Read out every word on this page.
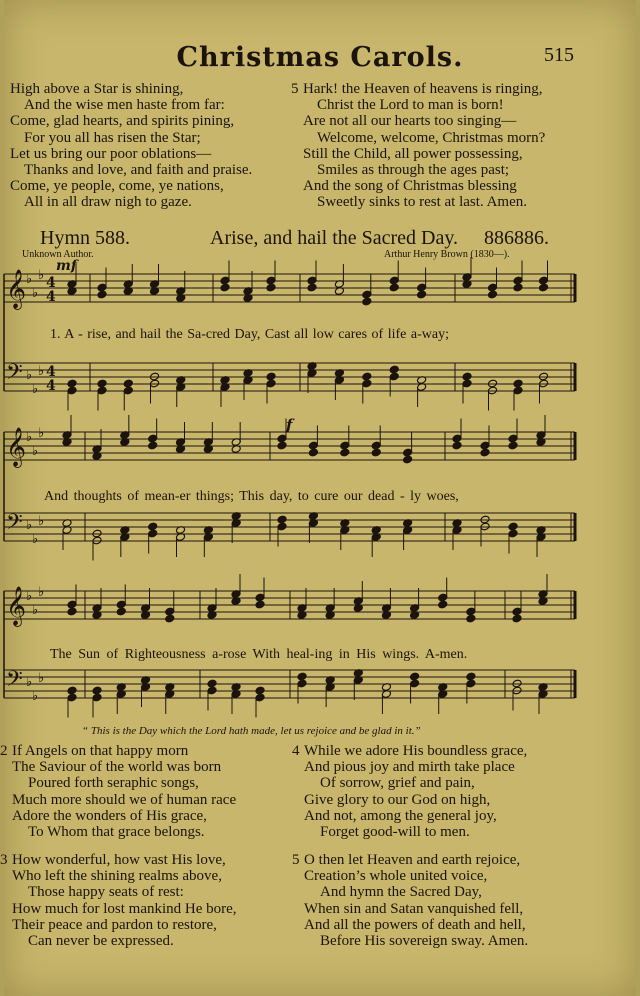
Christmas Carols.	515
High above a Star is shining,
And the wise men haste from far:
Come, glad hearts, and spirits pining,
For you all has risen the Star;
Let us bring our poor oblations—
Thanks and love, and faith and praise.
Come, ye people, come, ye nations,
All in all draw nigh to gaze.
5 Hark! the Heaven of heavens is ringing,
Christ the Lord to man is born!
Are not all our hearts too singing—
Welcome, welcome, Christmas morn?
Still the Child, all power possessing,
Smiles as through the ages past;
And the song of Christmas blessing
Sweetly sinks to rest at last. Amen.
Hymn 588.	Arise, and hail the Sacred Day. 886886.
Unknown Author.	Arthur Henry Brown (1830—).
𝄞 ♭
♭
♭ 4
4
𝄢 ♭
♭
♭ 4
4
𝄞 ♭
♭
♭
𝄢 ♭
♭
♭
𝄞 ♭
♭
♭
𝄢 ♭
♭
♭
mf
f
1. A - rise, and hail the Sa-cred Day, Cast all low cares of life a-way;
And thoughts of mean-er things; This day, to cure our dead - ly woes,
The Sun of Righteousness a-rose With heal-ing in His wings. A-men.
“ This is the Day which the Lord hath made, let us rejoice and be glad in it.”
2 If Angels on that happy morn
The Saviour of the world was born
Poured forth seraphic songs,
Much more should we of human race
Adore the wonders of His grace,
To Whom that grace belongs.
4 While we adore His boundless grace,
And pious joy and mirth take place
Of sorrow, grief and pain,
Give glory to our God on high,
And not, among the general joy,
Forget good-will to men.
3 How wonderful, how vast His love,
Who left the shining realms above,
Those happy seats of rest:
How much for lost mankind He bore,
Their peace and pardon to restore,
Can never be expressed.
5 O then let Heaven and earth rejoice,
Creation’s whole united voice,
And hymn the Sacred Day,
When sin and Satan vanquished fell,
And all the powers of death and hell,
Before His sovereign sway. Amen.
